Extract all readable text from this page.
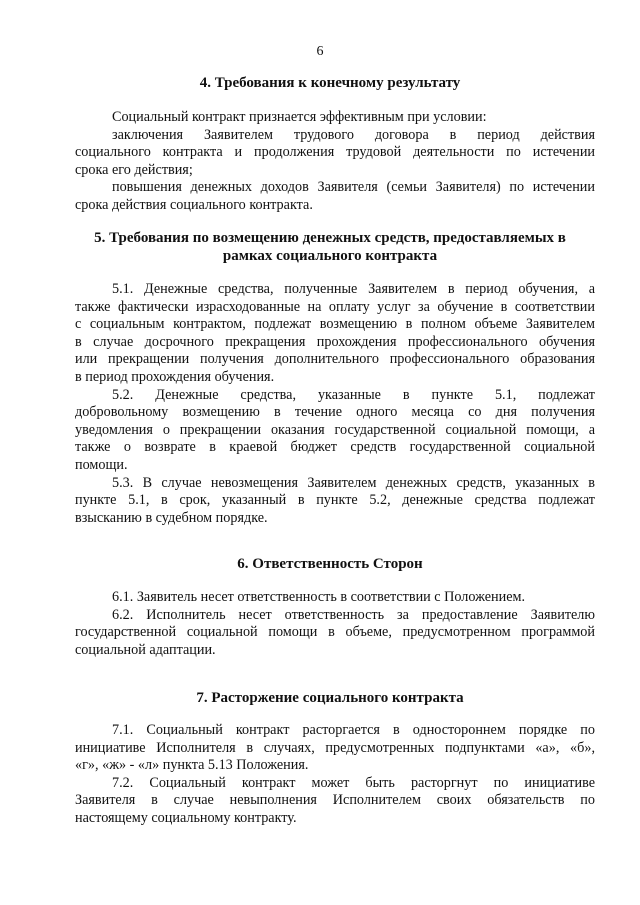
6
4. Требования к конечному результату
Социальный контракт признается эффективным при условии:
заключения Заявителем трудового договора в период действия
социального контракта и продолжения трудовой деятельности по истечении
срока его действия;
повышения денежных доходов Заявителя (семьи Заявителя) по истечении
срока действия социального контракта.
5. Требования по возмещению денежных средств, предоставляемых в
рамках социального контракта
5.1. Денежные средства, полученные Заявителем в период обучения, а
также фактически израсходованные на оплату услуг за обучение в соответствии
с социальным контрактом, подлежат возмещению в полном объеме Заявителем
в случае досрочного прекращения прохождения профессионального обучения
или прекращении получения дополнительного профессионального образования
в период прохождения обучения.
5.2. Денежные средства, указанные в пункте 5.1, подлежат
добровольному возмещению в течение одного месяца со дня получения
уведомления о прекращении оказания государственной социальной помощи, а
также о возврате в краевой бюджет средств государственной социальной
помощи.
5.3. В случае невозмещения Заявителем денежных средств, указанных в
пункте 5.1, в срок, указанный в пункте 5.2, денежные средства подлежат
взысканию в судебном порядке.
6. Ответственность Сторон
6.1. Заявитель несет ответственность в соответствии с Положением.
6.2. Исполнитель несет ответственность за предоставление Заявителю
государственной социальной помощи в объеме, предусмотренном программой
социальной адаптации.
7. Расторжение социального контракта
7.1. Социальный контракт расторгается в одностороннем порядке по
инициативе Исполнителя в случаях, предусмотренных подпунктами «а», «б»,
«г», «ж» - «л» пункта 5.13 Положения.
7.2. Социальный контракт может быть расторгнут по инициативе
Заявителя в случае невыполнения Исполнителем своих обязательств по
настоящему социальному контракту.
